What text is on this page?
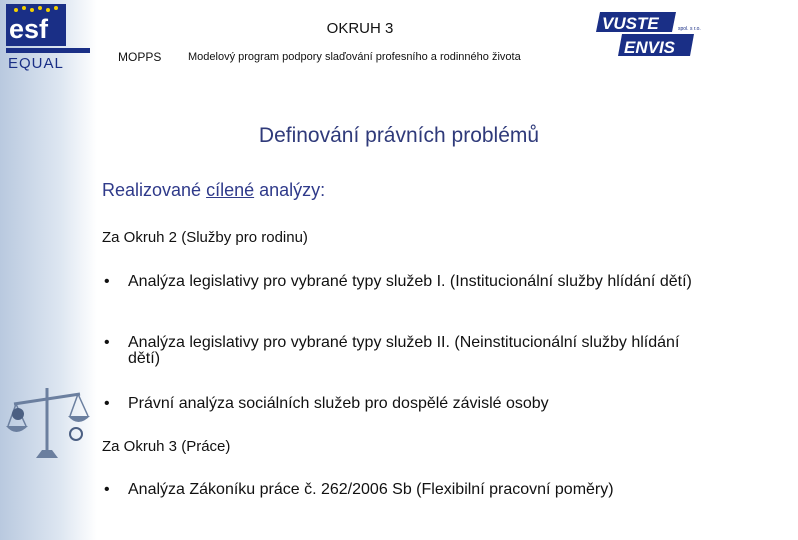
esf
EQUAL
OKRUH 3
MOPPS Modelový program podpory slaďování profesního a rodinného života
VUSTE
ENVIS
spol. s r.o.
Definování právních problémů
Realizované cílené analýzy:
Za Okruh 2 (Služby pro rodinu)
• Analýza legislativy pro vybrané typy služeb I. (Institucionální služby hlídání dětí)
• Analýza legislativy pro vybrané typy služeb II. (Neinstitucionální služby hlídání dětí)
• Právní analýza sociálních služeb pro dospělé závislé osoby
Za Okruh 3 (Práce)
• Analýza Zákoníku práce č. 262/2006 Sb (Flexibilní pracovní poměry)
